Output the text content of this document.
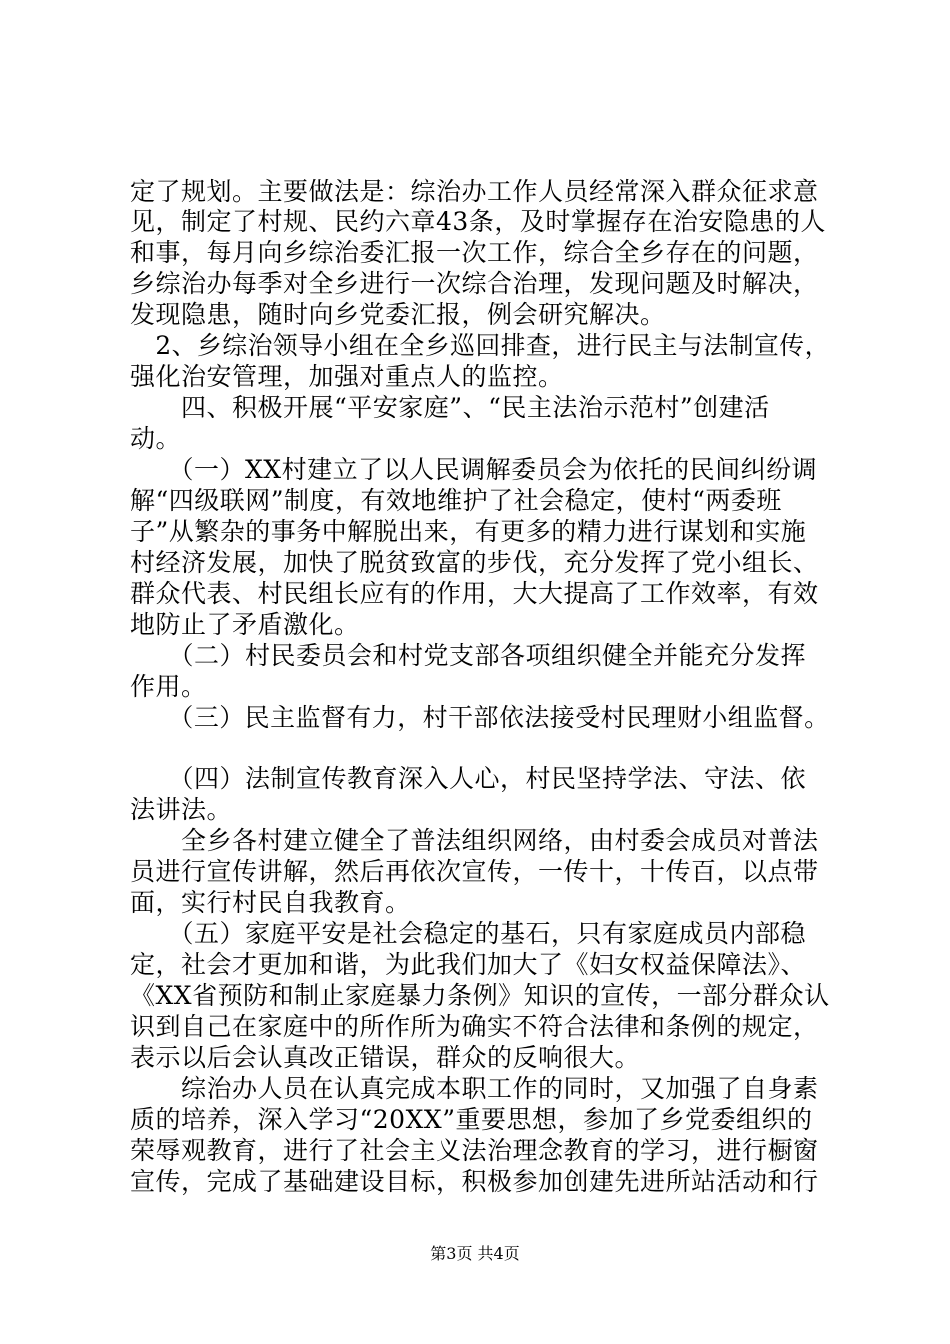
定了规划。主要做法是：综治办工作人员经常深入群众征求意
见，制定了村规、民约六章43条，及时掌握存在治安隐患的人
和事，每月向乡综治委汇报一次工作，综合全乡存在的问题，
乡综治办每季对全乡进行一次综合治理，发现问题及时解决，
发现隐患，随时向乡党委汇报，例会研究解决。
　2、乡综治领导小组在全乡巡回排查，进行民主与法制宣传，
强化治安管理，加强对重点人的监控。
　　四、积极开展“平安家庭”、“民主法治示范村”创建活
动。
　　（一）XX村建立了以人民调解委员会为依托的民间纠纷调
解“四级联网”制度，有效地维护了社会稳定，使村“两委班
子”从繁杂的事务中解脱出来，有更多的精力进行谋划和实施
村经济发展，加快了脱贫致富的步伐，充分发挥了党小组长、
群众代表、村民组长应有的作用，大大提高了工作效率，有效
地防止了矛盾激化。
　　（二）村民委员会和村党支部各项组织健全并能充分发挥
作用。
　　（三）民主监督有力，村干部依法接受村民理财小组监督。
　　（四）法制宣传教育深入人心，村民坚持学法、守法、依
法讲法。
　　全乡各村建立健全了普法组织网络，由村委会成员对普法
员进行宣传讲解，然后再依次宣传，一传十，十传百，以点带
面，实行村民自我教育。
　　（五）家庭平安是社会稳定的基石，只有家庭成员内部稳
定，社会才更加和谐，为此我们加大了《妇女权益保障法》、
《XX省预防和制止家庭暴力条例》知识的宣传，一部分群众认
识到自己在家庭中的所作所为确实不符合法律和条例的规定，
表示以后会认真改正错误，群众的反响很大。
　　综治办人员在认真完成本职工作的同时，又加强了自身素
质的培养，深入学习“20XX”重要思想，参加了乡党委组织的
荣辱观教育，进行了社会主义法治理念教育的学习，进行橱窗
宣传，完成了基础建设目标，积极参加创建先进所站活动和行
第3页 共4页
